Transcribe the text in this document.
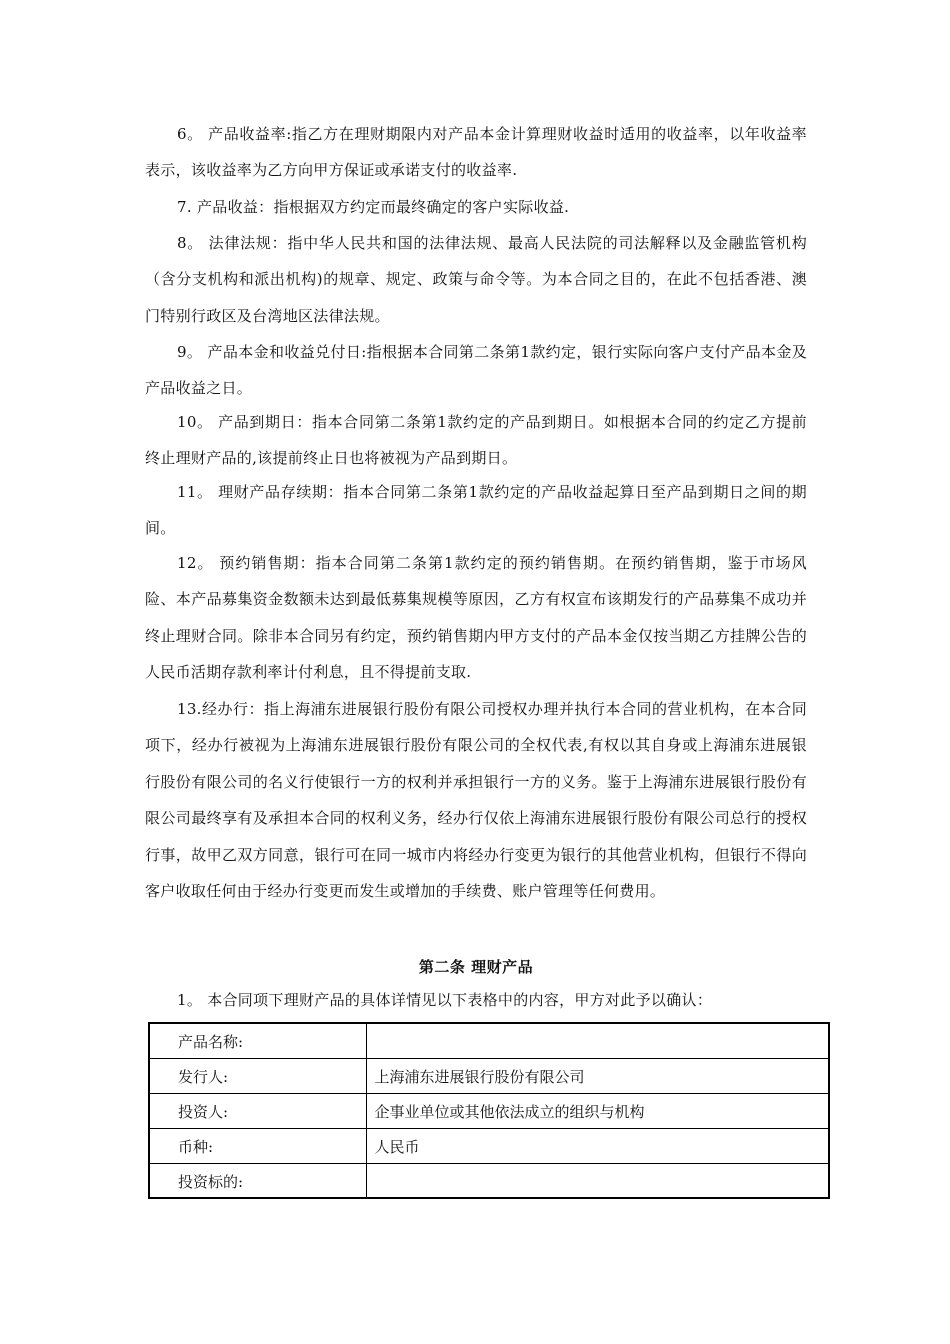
6。 产品收益率:指乙方在理财期限内对产品本金计算理财收益时适用的收益率，以年收益率表示，该收益率为乙方向甲方保证或承诺支付的收益率.

7. 产品收益：指根据双方约定而最终确定的客户实际收益.

8。 法律法规：指中华人民共和国的法律法规、最高人民法院的司法解释以及金融监管机构（含分支机构和派出机构)的规章、规定、政策与命令等。为本合同之目的，在此不包括香港、澳门特别行政区及台湾地区法律法规。

9。 产品本金和收益兑付日:指根据本合同第二条第1款约定，银行实际向客户支付产品本金及产品收益之日。

10。 产品到期日：指本合同第二条第1款约定的产品到期日。如根据本合同的约定乙方提前终止理财产品的,该提前终止日也将被视为产品到期日。

11。 理财产品存续期：指本合同第二条第1款约定的产品收益起算日至产品到期日之间的期间。

12。 预约销售期：指本合同第二条第1款约定的预约销售期。在预约销售期，鉴于市场风险、本产品募集资金数额未达到最低募集规模等原因，乙方有权宣布该期发行的产品募集不成功并终止理财合同。除非本合同另有约定，预约销售期内甲方支付的产品本金仅按当期乙方挂牌公告的人民币活期存款利率计付利息，且不得提前支取.

13.经办行：指上海浦东进展银行股份有限公司授权办理并执行本合同的营业机构，在本合同项下，经办行被视为上海浦东进展银行股份有限公司的全权代表,有权以其自身或上海浦东进展银行股份有限公司的名义行使银行一方的权利并承担银行一方的义务。鉴于上海浦东进展银行股份有限公司最终享有及承担本合同的权利义务，经办行仅依上海浦东进展银行股份有限公司总行的授权行事，故甲乙双方同意，银行可在同一城市内将经办行变更为银行的其他营业机构，但银行不得向客户收取任何由于经办行变更而发生或增加的手续费、账户管理等任何费用。

第二条 理财产品

1。 本合同项下理财产品的具体详情见以下表格中的内容，甲方对此予以确认：

产品名称:	
发行人:	上海浦东进展银行股份有限公司
投资人:	企事业单位或其他依法成立的组织与机构
币种:	人民币
投资标的:	
